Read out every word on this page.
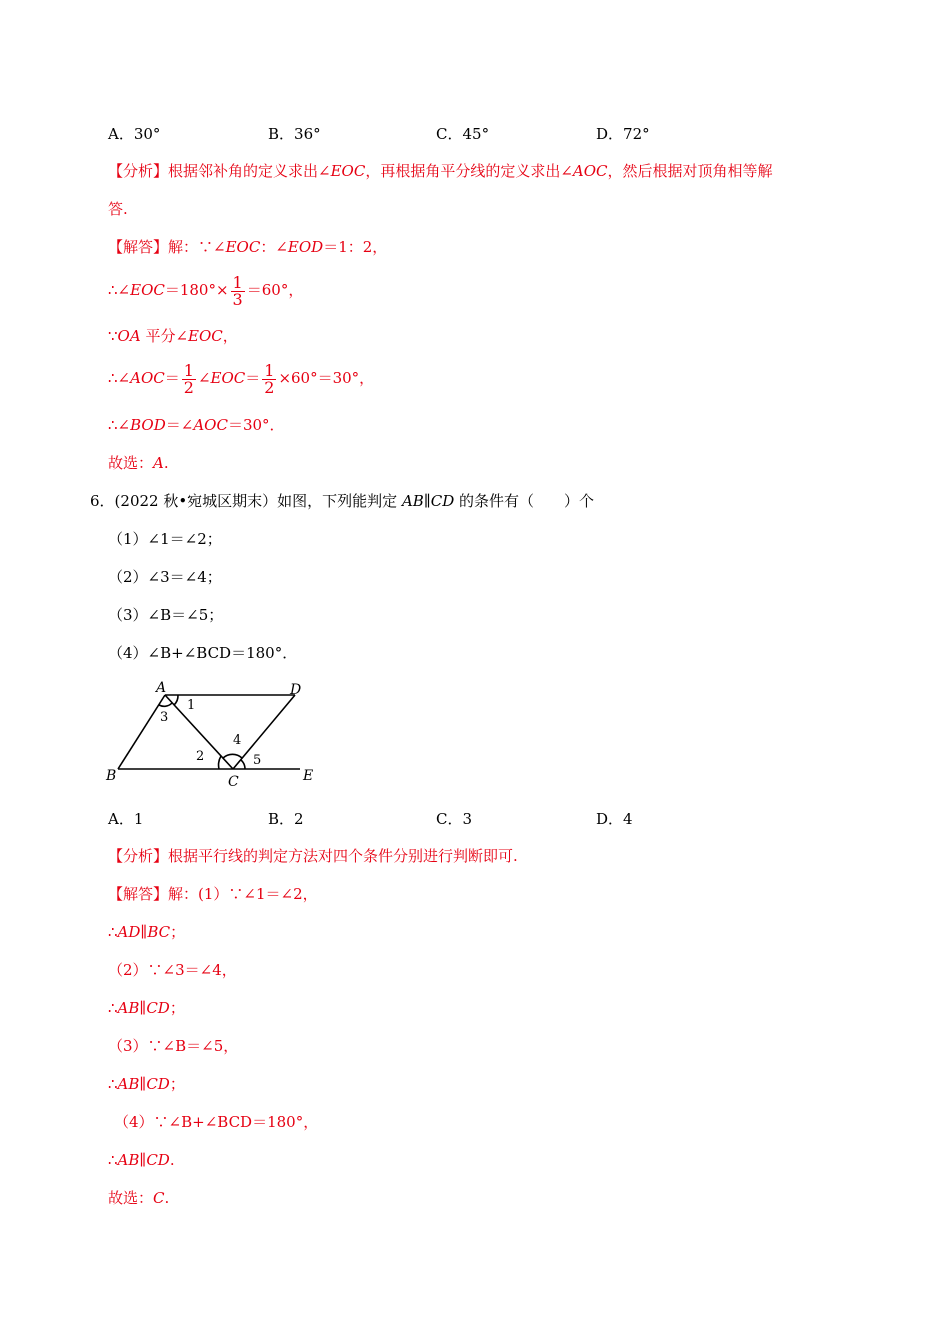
A．30°	B．36°	C．45°	D．72°
【分析】根据邻补角的定义求出∠EOC，再根据角平分线的定义求出∠AOC，然后根据对顶角相等解
答.
【解答】解：∵∠EOC：∠EOD＝1：2，
∴∠EOC＝180°× $\frac{1}{3} =60^\circ$，
∵OA 平分∠EOC，
∴∠AOC＝ $\frac{1}{2}$ ∠EOC＝ $\frac{1}{2} \times 60^\circ=30^\circ$，
∴∠BOD＝∠AOC＝30°．
故选：A.
6．(2022 秋•宛城区期末）如图，下列能判定 AB∥CD 的条件有（　　）个
（1）∠1＝∠2；
（2）∠3＝∠4；
（3）∠B＝∠5；
（4）∠B+∠BCD＝180°．
A	D
B	C	E
1
3
2
4
5
A．1	B．2	C．3	D．4
【分析】根据平行线的判定方法对四个条件分别进行判断即可.
【解答】解：(1）∵∠1＝∠2，
∴AD∥BC；
（2）∵∠3＝∠4，
∴AB∥CD；
（3）∵∠B＝∠5，
∴AB∥CD；
（4）∵∠B+∠BCD＝180°，
∴AB∥CD.
故选：C.
